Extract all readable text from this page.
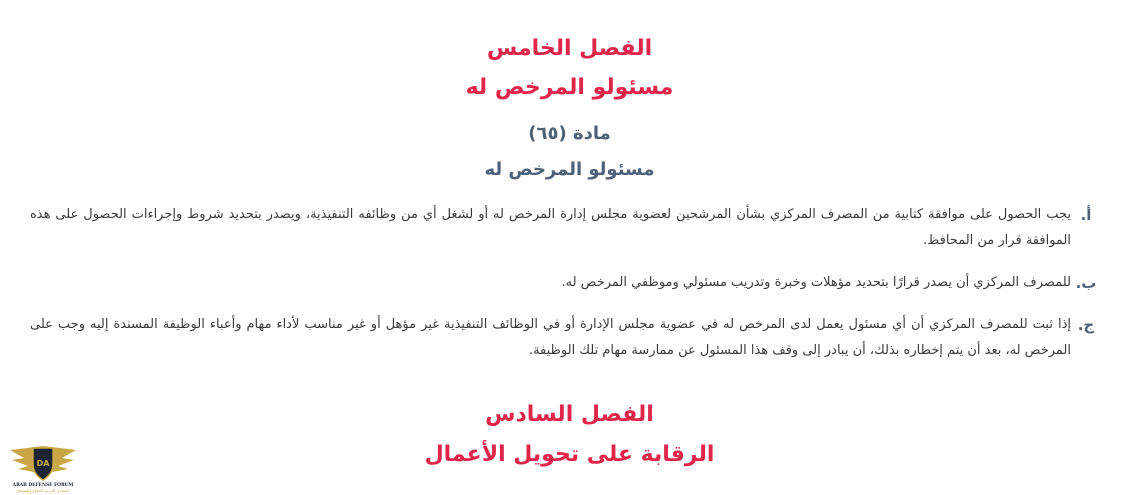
الفصل الخامس
مسئولو المرخص له
مادة (٦٥)
مسئولو المرخص له
أ.

يجب الحصول على موافقة كتابية من المصرف المركزي بشأن المرشحين لعضوية مجلس إدارة المرخص له أو لشغل أي من وظائفه التنفيذية، ويصدر بتحديد شروط وإجراءات الحصول على هذه الموافقة قرار من المحافظ.

ب.

للمصرف المركزي أن يصدر قرارًا بتحديد مؤهلات وخبرة وتدريب مسئولي وموظفي المرخص له.

ج.

إذا ثبت للمصرف المركزي أن أي مسئول يعمل لدى المرخص له في عضوية مجلس الإدارة أو في الوظائف التنفيذية غير مؤهل أو غير مناسب لأداء مهام وأعباء الوظيفة المسندة إليه وجب على المرخص له، بعد أن يتم إخطاره بذلك، أن يبادر إلى وقف هذا المسئول عن ممارسة مهام تلك الوظيفة.

الفصل السادس
الرقابة على تحويل الأعمال
DA
ARAB DEFENSE FORUM
المنتدى العربي للدفاع والتسليح
